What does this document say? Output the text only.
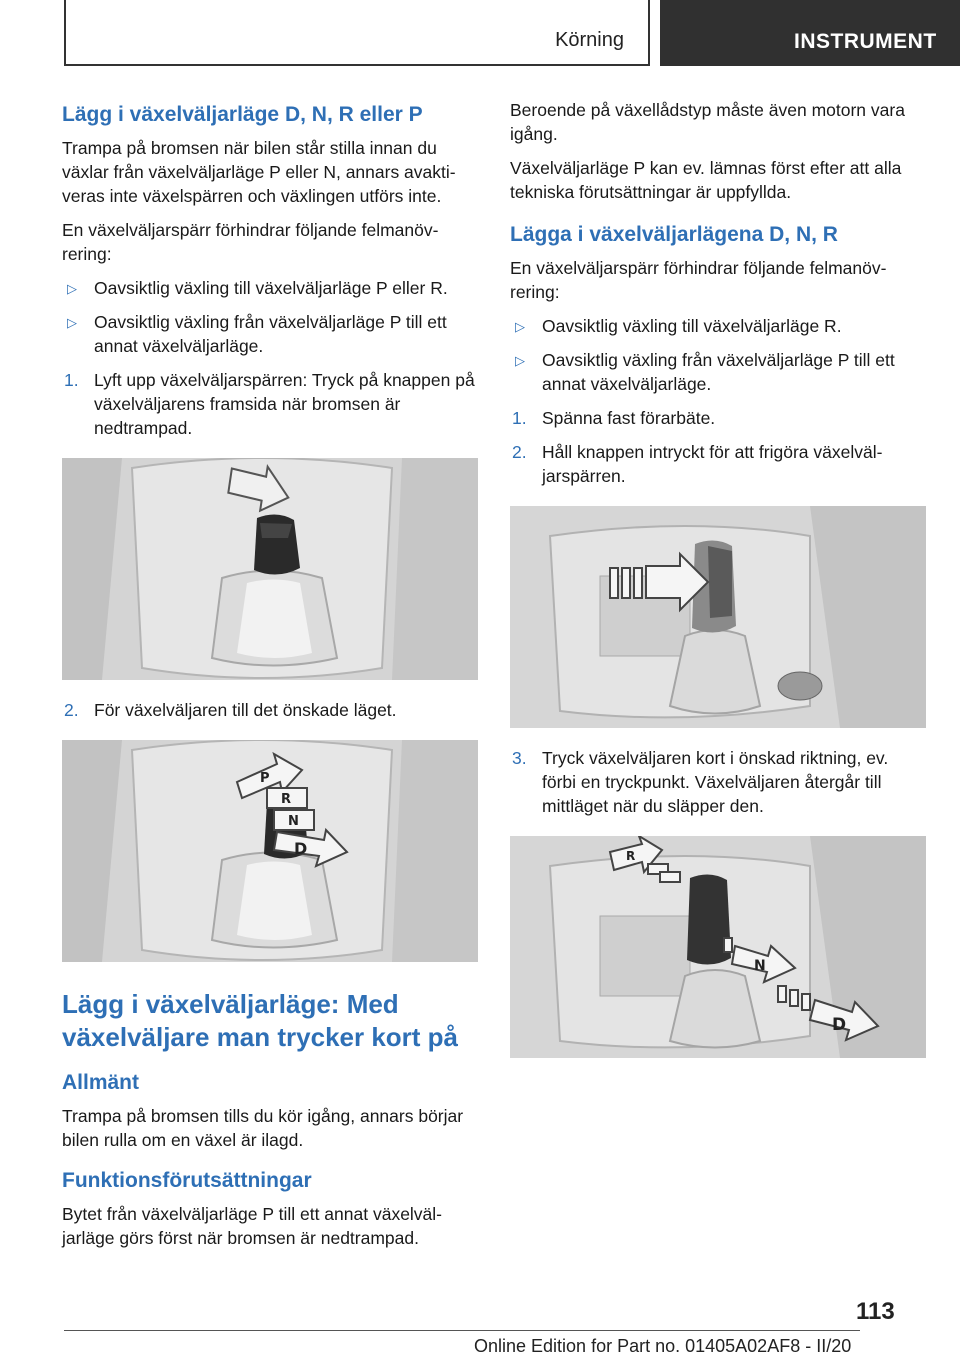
Körning	INSTRUMENT
Lägg i växelväljarläge D, N, R eller P

Trampa på bromsen när bilen står stilla innan du växlar från växelväljarläge P eller N, annars avakti‐ veras inte växelspärren och växlingen utförs inte.

En växelväljarspärr förhindrar följande felmanöv‐ rering:

▷ Oavsiktlig växling till växelväljarläge P eller R.
▷ Oavsiktlig växling från växelväljarläge P till ett annat växelväljarläge.
1. Lyft upp växelväljarspärren: Tryck på knappen på växelväljarens framsida när bromsen är nedtrampad.
2. För växelväljaren till det önskade läget.
P
R
N
D
Lägg i växelväljarläge: Med växelväljare man trycker kort på
Allmänt

Trampa på bromsen tills du kör igång, annars börjar bilen rulla om en växel är ilagd.

Funktionsförutsättningar

Bytet från växelväljarläge P till ett annat växelväl‐ jarläge görs först när bromsen är nedtrampad.

Beroende på växellådstyp måste även motorn vara igång.

Växelväljarläge P kan ev. lämnas först efter att alla tekniska förutsättningar är uppfyllda.

Lägga i växelväljarlägena D, N, R

En växelväljarspärr förhindrar följande felmanöv‐ rering:

▷ Oavsiktlig växling till växelväljarläge R.
▷ Oavsiktlig växling från växelväljarläge P till ett annat växelväljarläge.
1. Spänna fast förarbäte.
2. Håll knappen intryckt för att frigöra växelväl‐ jarspärren.
3. Tryck växelväljaren kort i önskad riktning, ev. förbi en tryckpunkt. Växelväljaren återgår till mittläget när du släpper den.
R
N
D
113
Online Edition for Part no. 01405A02AF8 - II/20
